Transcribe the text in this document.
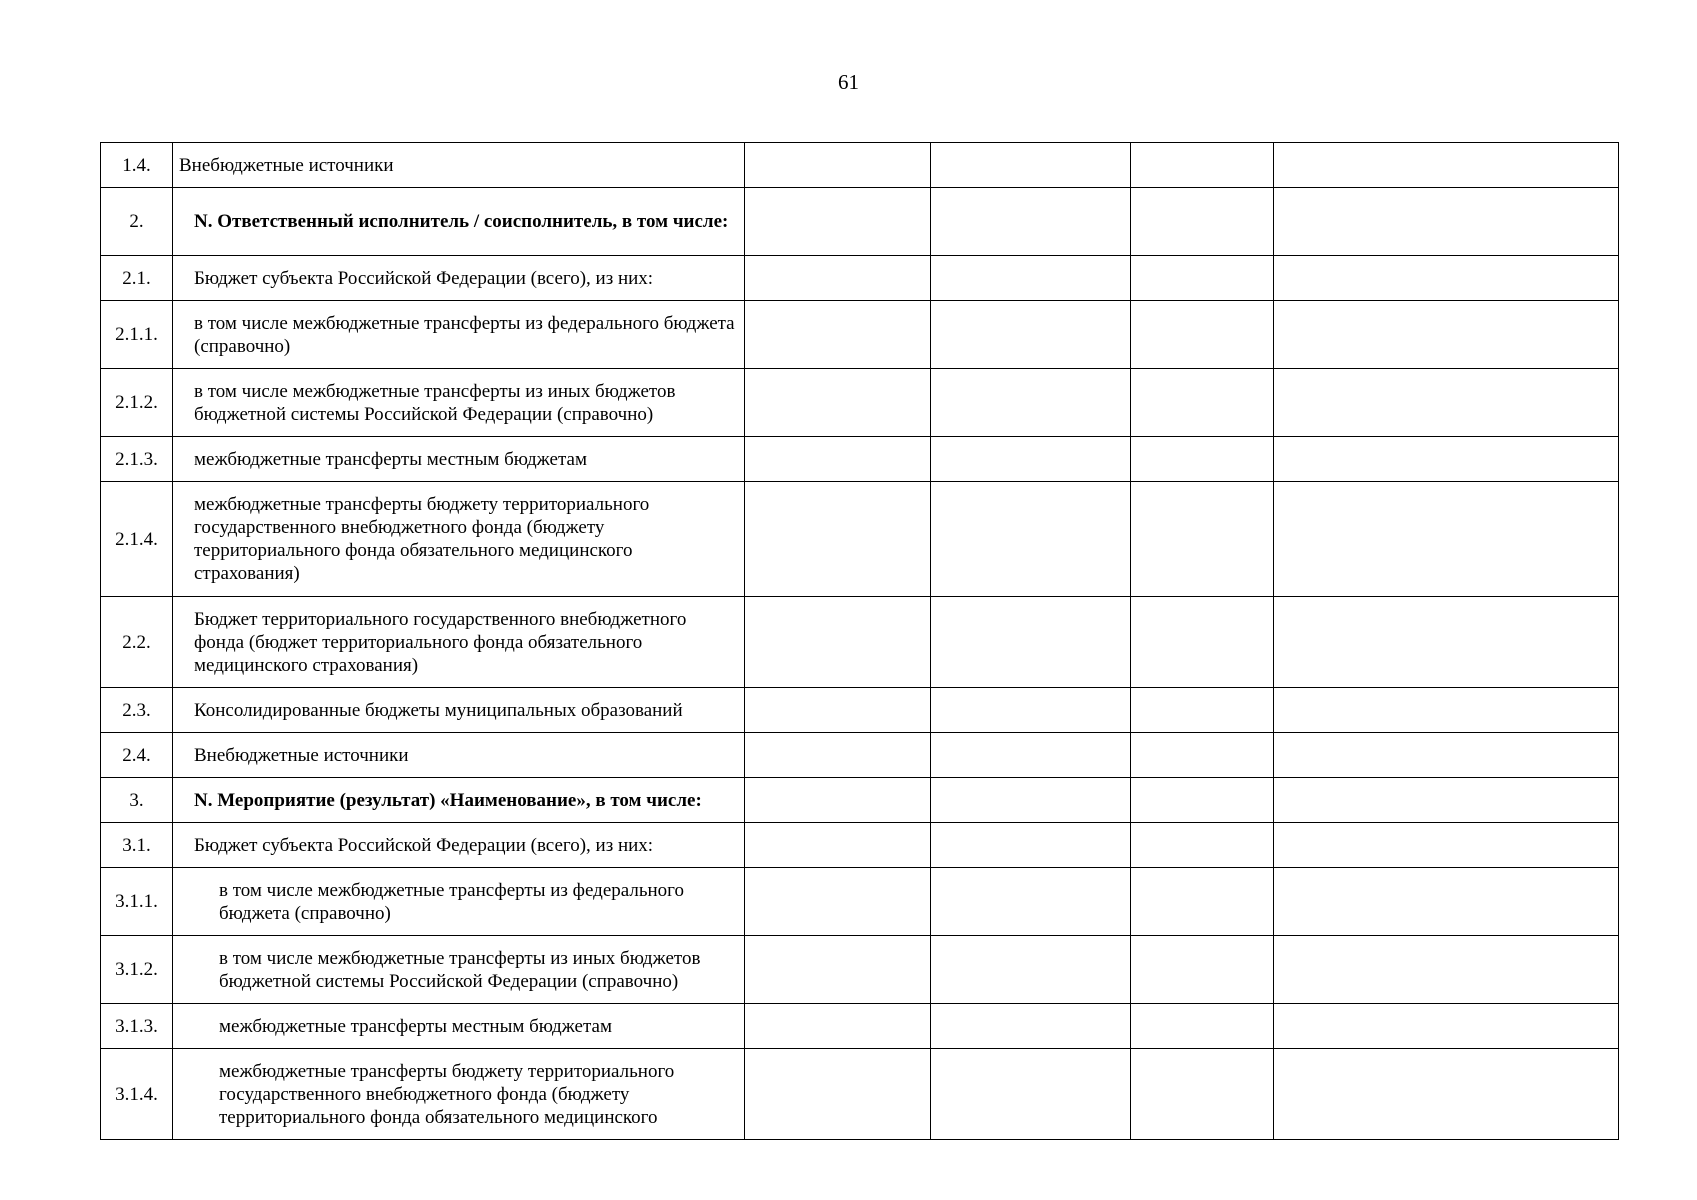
61
1.4.	Внебюджетные источники				
2.	N. Ответственный исполнитель / соисполнитель, в том числе:				
2.1.	Бюджет субъекта Российской Федерации (всего), из них:				
2.1.1.	в том числе межбюджетные трансферты из федерального бюджета (справочно)				
2.1.2.	в том числе межбюджетные трансферты из иных бюджетов бюджетной системы Российской Федерации (справочно)				
2.1.3.	межбюджетные трансферты местным бюджетам				
2.1.4.	межбюджетные трансферты бюджету территориального государственного внебюджетного фонда (бюджету территориального фонда обязательного медицинского страхования)				
2.2.	Бюджет территориального государственного внебюджетного фонда (бюджет территориального фонда обязательного медицинского страхования)				
2.3.	Консолидированные бюджеты муниципальных образований				
2.4.	Внебюджетные источники				
3.	N. Мероприятие (результат) «Наименование», в том числе:				
3.1.	Бюджет субъекта Российской Федерации (всего), из них:				
3.1.1.	в том числе межбюджетные трансферты из федерального бюджета (справочно)				
3.1.2.	в том числе межбюджетные трансферты из иных бюджетов бюджетной системы Российской Федерации (справочно)				
3.1.3.	межбюджетные трансферты местным бюджетам				
3.1.4.	межбюджетные трансферты бюджету территориального государственного внебюджетного фонда (бюджету территориального фонда обязательного медицинского				
